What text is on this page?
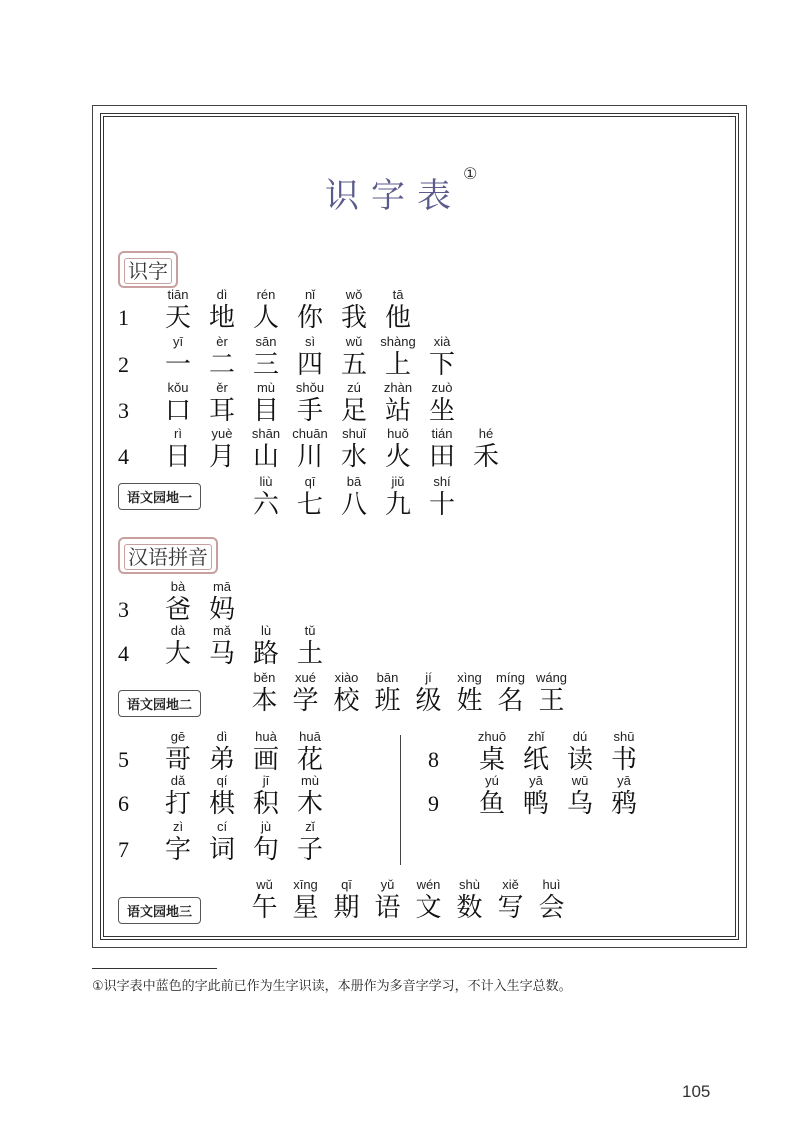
识字表①
识字
汉语拼音
语文园地一
语文园地二
语文园地三
1
tiān
天
dì
地
rén
人
nǐ
你
wǒ
我
tā
他
2
yī
一
èr
二
sān
三
sì
四
wǔ
五
shàng
上
xià
下
3
kǒu
口
ěr
耳
mù
目
shǒu
手
zú
足
zhàn
站
zuò
坐
4
rì
日
yuè
月
shān
山
chuān
川
shuǐ
水
huǒ
火
tián
田
hé
禾
liù
六
qī
七
bā
八
jiǔ
九
shí
十
3
bà
爸
mā
妈
4
dà
大
mǎ
马
lù
路
tǔ
土
běn
本
xué
学
xiào
校
bān
班
jí
级
xìng
姓
míng
名
wáng
王
5
gē
哥
dì
弟
huà
画
huā
花
6
dǎ
打
qí
棋
jī
积
mù
木
7
zì
字
cí
词
jù
句
zǐ
子
8
zhuō
桌
zhǐ
纸
dú
读
shū
书
9
yú
鱼
yā
鸭
wū
乌
yā
鸦
wǔ
午
xīng
星
qī
期
yǔ
语
wén
文
shù
数
xiě
写
huì
会
①识字表中蓝色的字此前已作为生字识读，本册作为多音字学习，不计入生字总数。
105
